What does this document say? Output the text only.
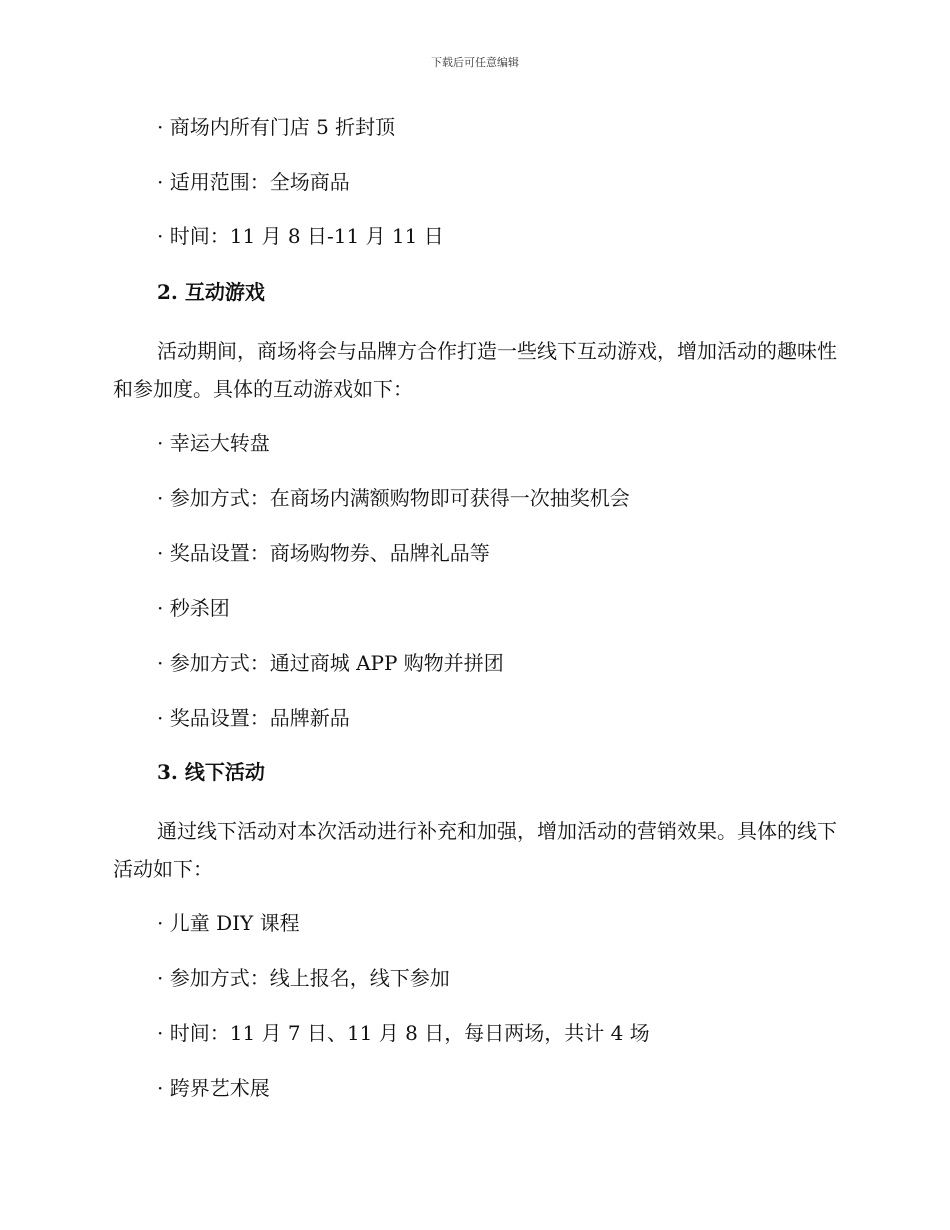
下载后可任意编辑
· 商场内所有门店 5 折封顶
· 适用范围：全场商品
· 时间：11 月 8 日-11 月 11 日
2. 互动游戏
活动期间，商场将会与品牌方合作打造一些线下互动游戏，增加活动的趣味性和参加度。具体的互动游戏如下：
· 幸运大转盘
· 参加方式：在商场内满额购物即可获得一次抽奖机会
· 奖品设置：商场购物券、品牌礼品等
· 秒杀团
· 参加方式：通过商城 APP 购物并拼团
· 奖品设置：品牌新品
3. 线下活动
通过线下活动对本次活动进行补充和加强，增加活动的营销效果。具体的线下活动如下：
· 儿童 DIY 课程
· 参加方式：线上报名，线下参加
· 时间：11 月 7 日、11 月 8 日，每日两场，共计 4 场
· 跨界艺术展
